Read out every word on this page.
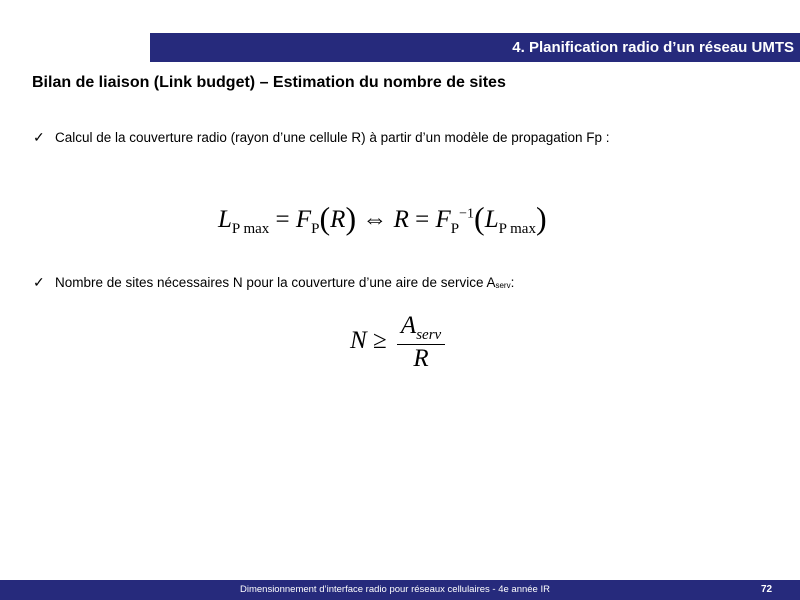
4. Planification radio d’un réseau UMTS
Bilan de liaison (Link budget) – Estimation du nombre de sites
✓ Calcul de la couverture radio (rayon d’une cellule R) à partir d’un modèle de propagation Fp :
$L_{P max} = F_P(R)$ ⇔ $R = F_P^{-1}(L_{P max})$
✓ Nombre de sites nécessaires N pour la couverture d’une aire de service Aserv:
$N \ge \frac{A_{serv}}{R}$
Dimensionnement d’interface radio pour réseaux cellulaires - 4e année IR	72
